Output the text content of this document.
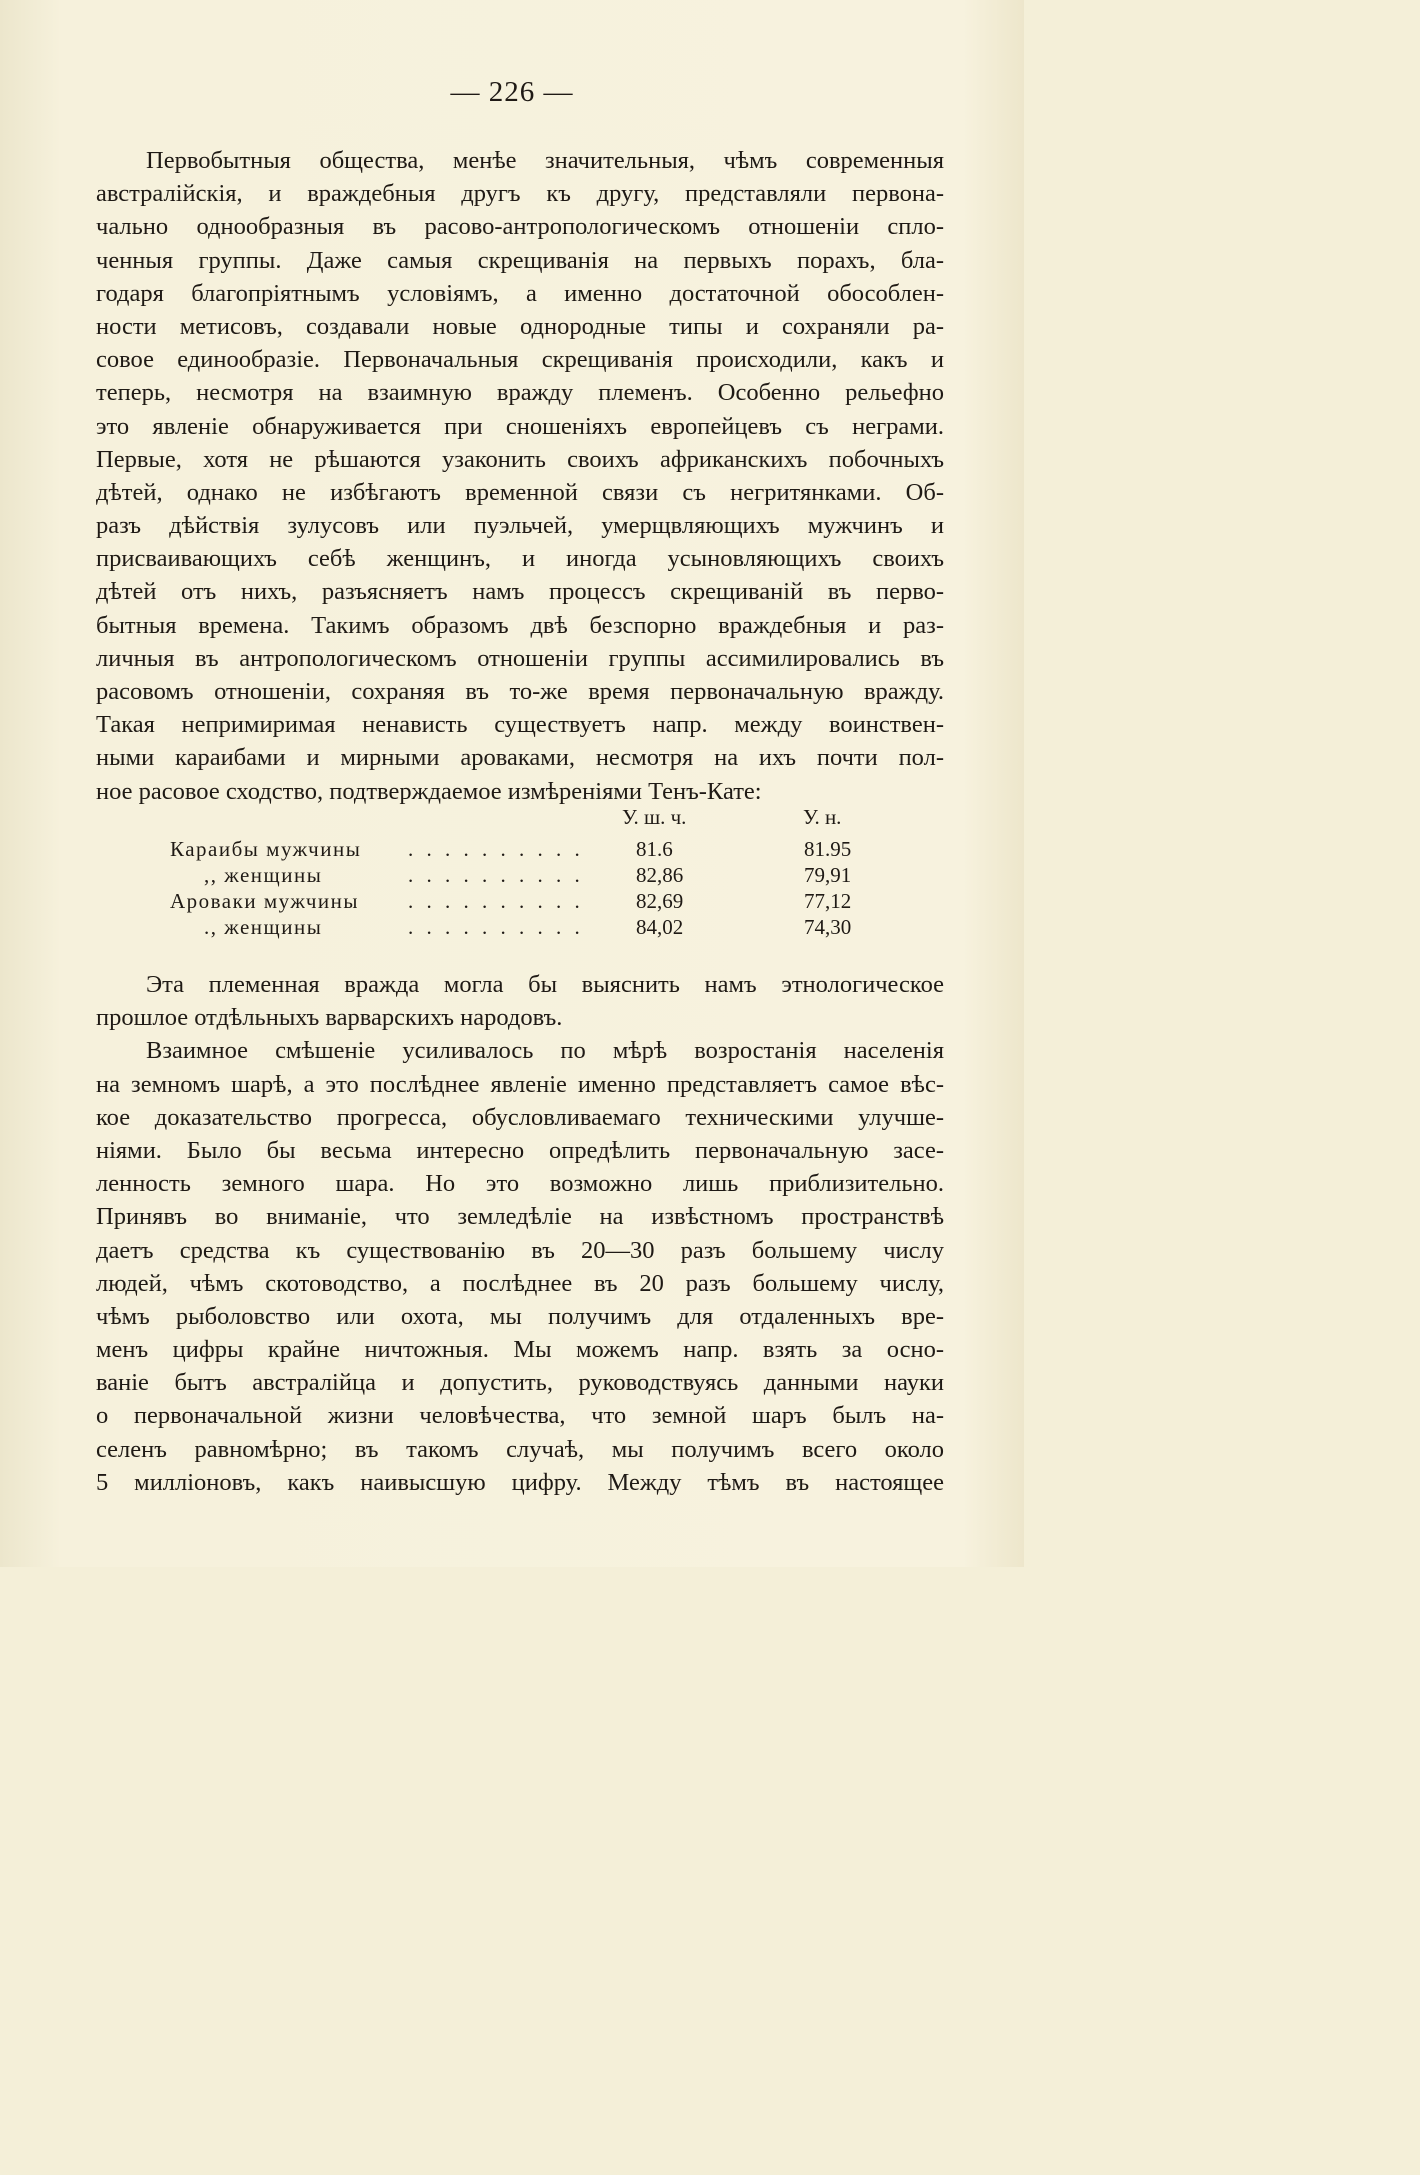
— 226 —
Первобытныя общества, менѣе значительныя, чѣмъ современныя
австралійскія, и враждебныя другъ къ другу, представляли первона-
чально однообразныя въ расово-антропологическомъ отношеніи спло-
ченныя группы. Даже самыя скрещиванія на первыхъ порахъ, бла-
годаря благопріятнымъ условіямъ, а именно достаточной обособлен-
ности метисовъ, создавали новые однородные типы и сохраняли ра-
совое единообразіе. Первоначальныя скрещиванія происходили, какъ и
теперь, несмотря на взаимную вражду племенъ. Особенно рельефно
это явленіе обнаруживается при сношеніяхъ европейцевъ съ неграми.
Первые, хотя не рѣшаются узаконить своихъ африканскихъ побочныхъ
дѣтей, однако не избѣгаютъ временной связи съ негритянками. Об-
разъ дѣйствія зулусовъ или пуэльчей, умерщвляющихъ мужчинъ и
присваивающихъ себѣ женщинъ, и иногда усыновляющихъ своихъ
дѣтей отъ нихъ, разъясняетъ намъ процессъ скрещиваній въ перво-
бытныя времена. Такимъ образомъ двѣ безспорно враждебныя и раз-
личныя въ антропологическомъ отношеніи группы ассимилировались въ
расовомъ отношеніи, сохраняя въ то-же время первоначальную вражду.
Такая непримиримая ненависть существуетъ напр. между воинствен-
ными караибами и мирными ароваками, несмотря на ихъ почти пол-
ное расовое сходство, подтверждаемое измѣреніями Тенъ-Кате:
У. ш. ч.	У. н.
Караибы мужчины . . . . . . . . . . 81.6	81.95
,, женщины	. . . . . . . . . . 82,86	79,91
Ароваки мужчины . . . . . . . . . . 82,69	77,12
., женщины	. . . . . . . . . . 84,02	74,30
Эта племенная вражда могла бы выяснить намъ этнологическое
прошлое отдѣльныхъ варварскихъ народовъ.
Взаимное смѣшеніе усиливалось по мѣрѣ возростанія населенія
на земномъ шарѣ, а это послѣднее явленіе именно представляетъ самое вѣс-
кое доказательство прогресса, обусловливаемаго техническими улучше-
ніями. Было бы весьма интересно опредѣлить первоначальную засе-
ленность земного шара. Но это возможно лишь приблизительно.
Принявъ во вниманіе, что земледѣліе на извѣстномъ пространствѣ
даетъ средства къ существованію въ 20—30 разъ большему числу
людей, чѣмъ скотоводство, а послѣднее въ 20 разъ большему числу,
чѣмъ рыболовство или охота, мы получимъ для отдаленныхъ вре-
менъ цифры крайне ничтожныя. Мы можемъ напр. взять за осно-
ваніе бытъ австралійца и допустить, руководствуясь данными науки
о первоначальной жизни человѣчества, что земной шаръ былъ на-
селенъ равномѣрно; въ такомъ случаѣ, мы получимъ всего около
5 милліоновъ, какъ наивысшую цифру. Между тѣмъ въ настоящее
